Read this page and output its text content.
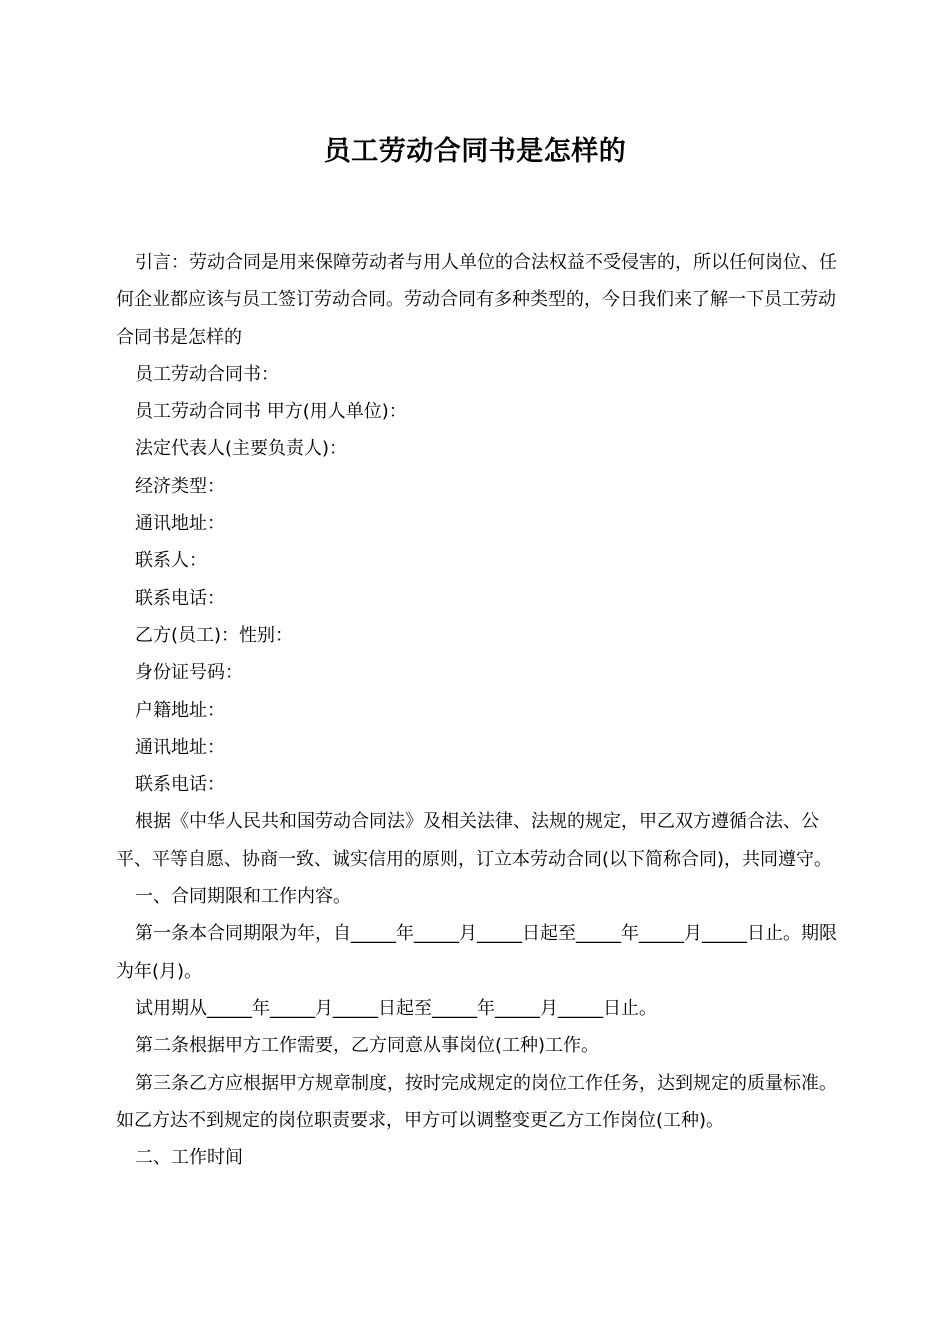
员工劳动合同书是怎样的

引言：劳动合同是用来保障劳动者与用人单位的合法权益不受侵害的，所以任何岗位、任何企业都应该与员工签订劳动合同。劳动合同有多种类型的，今日我们来了解一下员工劳动合同书是怎样的

员工劳动合同书：

员工劳动合同书 甲方(用人单位)：

法定代表人(主要负责人)：

经济类型：

通讯地址：

联系人：

联系电话：

乙方(员工)：性别：

身份证号码：

户籍地址：

通讯地址：

联系电话：

根据《中华人民共和国劳动合同法》及相关法律、法规的规定，甲乙双方遵循合法、公平、平等自愿、协商一致、诚实信用的原则，订立本劳动合同(以下简称合同)，共同遵守。

一、合同期限和工作内容。

第一条本合同期限为年，自_____年_____月_____日起至_____年_____月_____日止。期限为年(月)。

试用期从_____年_____月_____日起至_____年_____月_____日止。

第二条根据甲方工作需要，乙方同意从事岗位(工种)工作。

第三条乙方应根据甲方规章制度，按时完成规定的岗位工作任务，达到规定的质量标准。如乙方达不到规定的岗位职责要求，甲方可以调整变更乙方工作岗位(工种)。

二、工作时间
